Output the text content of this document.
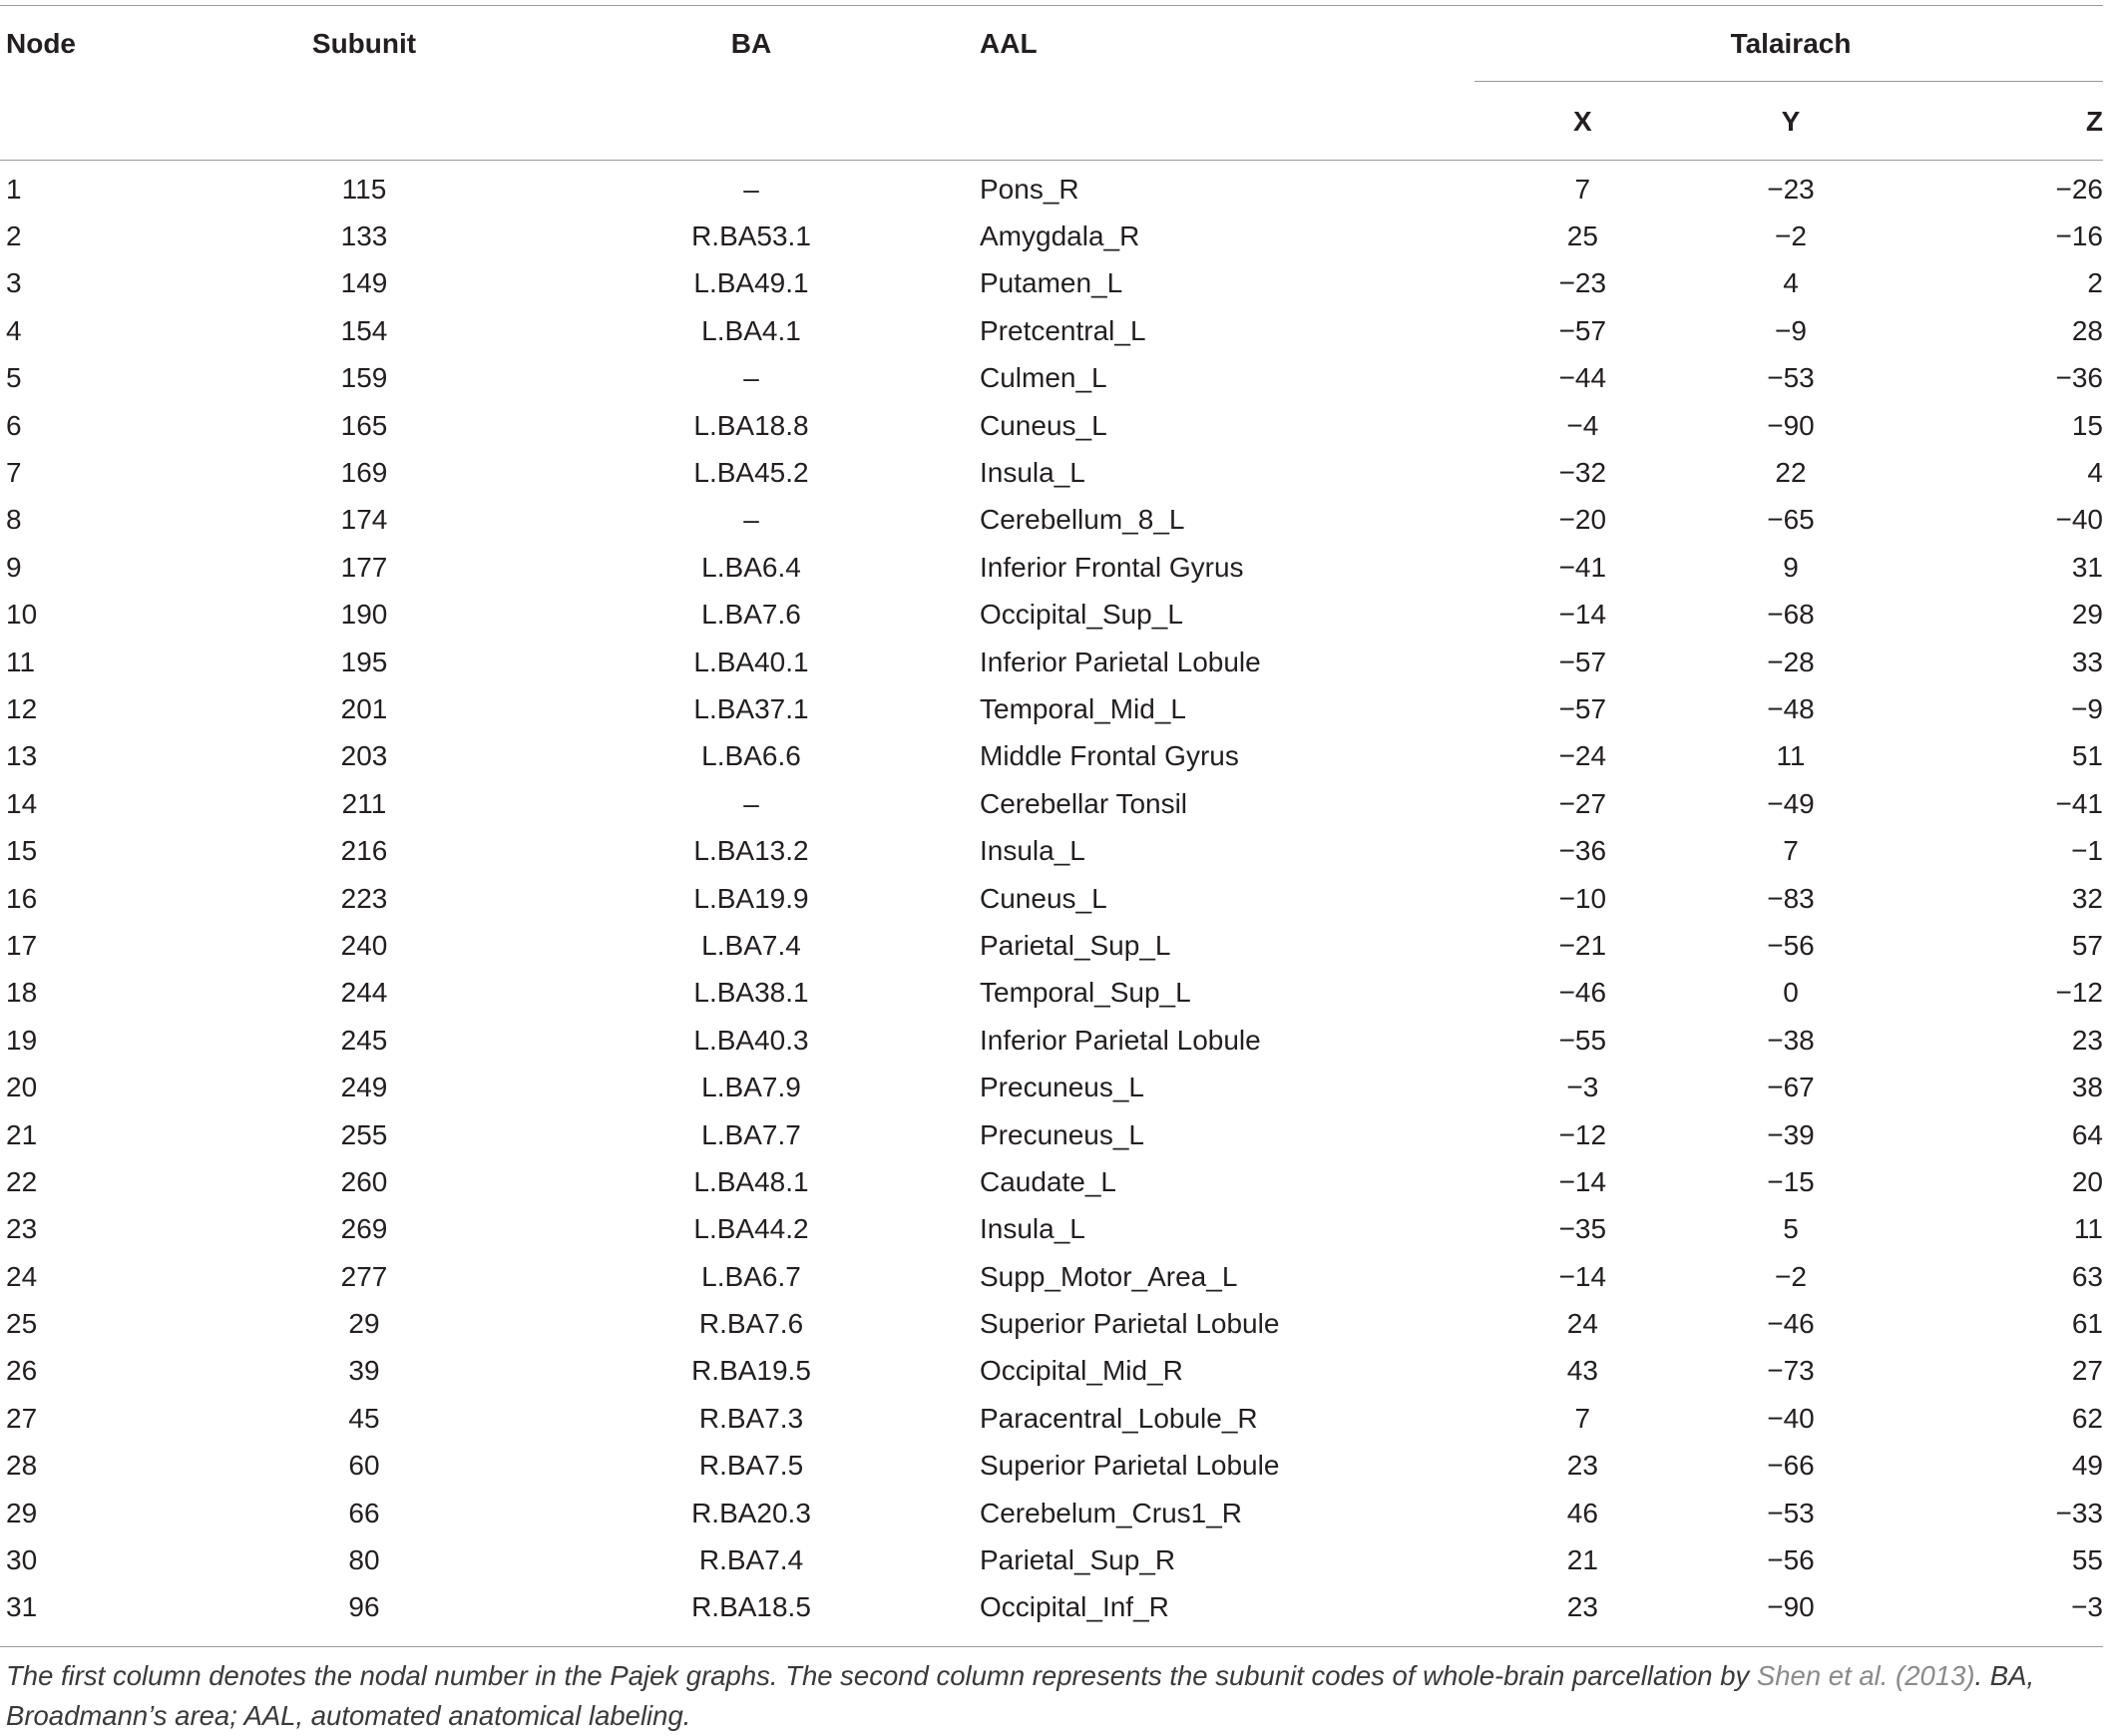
Node	Subunit	BA	AAL	Talairach		
				X	Y	Z
1	115	–	Pons_R	7	−23	−26
2	133	R.BA53.1	Amygdala_R	25	−2	−16
3	149	L.BA49.1	Putamen_L	−23	4	2
4	154	L.BA4.1	Pretcentral_L	−57	−9	28
5	159	–	Culmen_L	−44	−53	−36
6	165	L.BA18.8	Cuneus_L	−4	−90	15
7	169	L.BA45.2	Insula_L	−32	22	4
8	174	–	Cerebellum_8_L	−20	−65	−40
9	177	L.BA6.4	Inferior Frontal Gyrus	−41	9	31
10	190	L.BA7.6	Occipital_Sup_L	−14	−68	29
11	195	L.BA40.1	Inferior Parietal Lobule	−57	−28	33
12	201	L.BA37.1	Temporal_Mid_L	−57	−48	−9
13	203	L.BA6.6	Middle Frontal Gyrus	−24	11	51
14	211	–	Cerebellar Tonsil	−27	−49	−41
15	216	L.BA13.2	Insula_L	−36	7	−1
16	223	L.BA19.9	Cuneus_L	−10	−83	32
17	240	L.BA7.4	Parietal_Sup_L	−21	−56	57
18	244	L.BA38.1	Temporal_Sup_L	−46	0	−12
19	245	L.BA40.3	Inferior Parietal Lobule	−55	−38	23
20	249	L.BA7.9	Precuneus_L	−3	−67	38
21	255	L.BA7.7	Precuneus_L	−12	−39	64
22	260	L.BA48.1	Caudate_L	−14	−15	20
23	269	L.BA44.2	Insula_L	−35	5	11
24	277	L.BA6.7	Supp_Motor_Area_L	−14	−2	63
25	29	R.BA7.6	Superior Parietal Lobule	24	−46	61
26	39	R.BA19.5	Occipital_Mid_R	43	−73	27
27	45	R.BA7.3	Paracentral_Lobule_R	7	−40	62
28	60	R.BA7.5	Superior Parietal Lobule	23	−66	49
29	66	R.BA20.3	Cerebelum_Crus1_R	46	−53	−33
30	80	R.BA7.4	Parietal_Sup_R	21	−56	55
31	96	R.BA18.5	Occipital_Inf_R	23	−90	−3
The first column denotes the nodal number in the Pajek graphs. The second column represents the subunit codes of whole-brain parcellation by Shen et al. (2013). BA, Broadmann’s area; AAL, automated anatomical labeling.
